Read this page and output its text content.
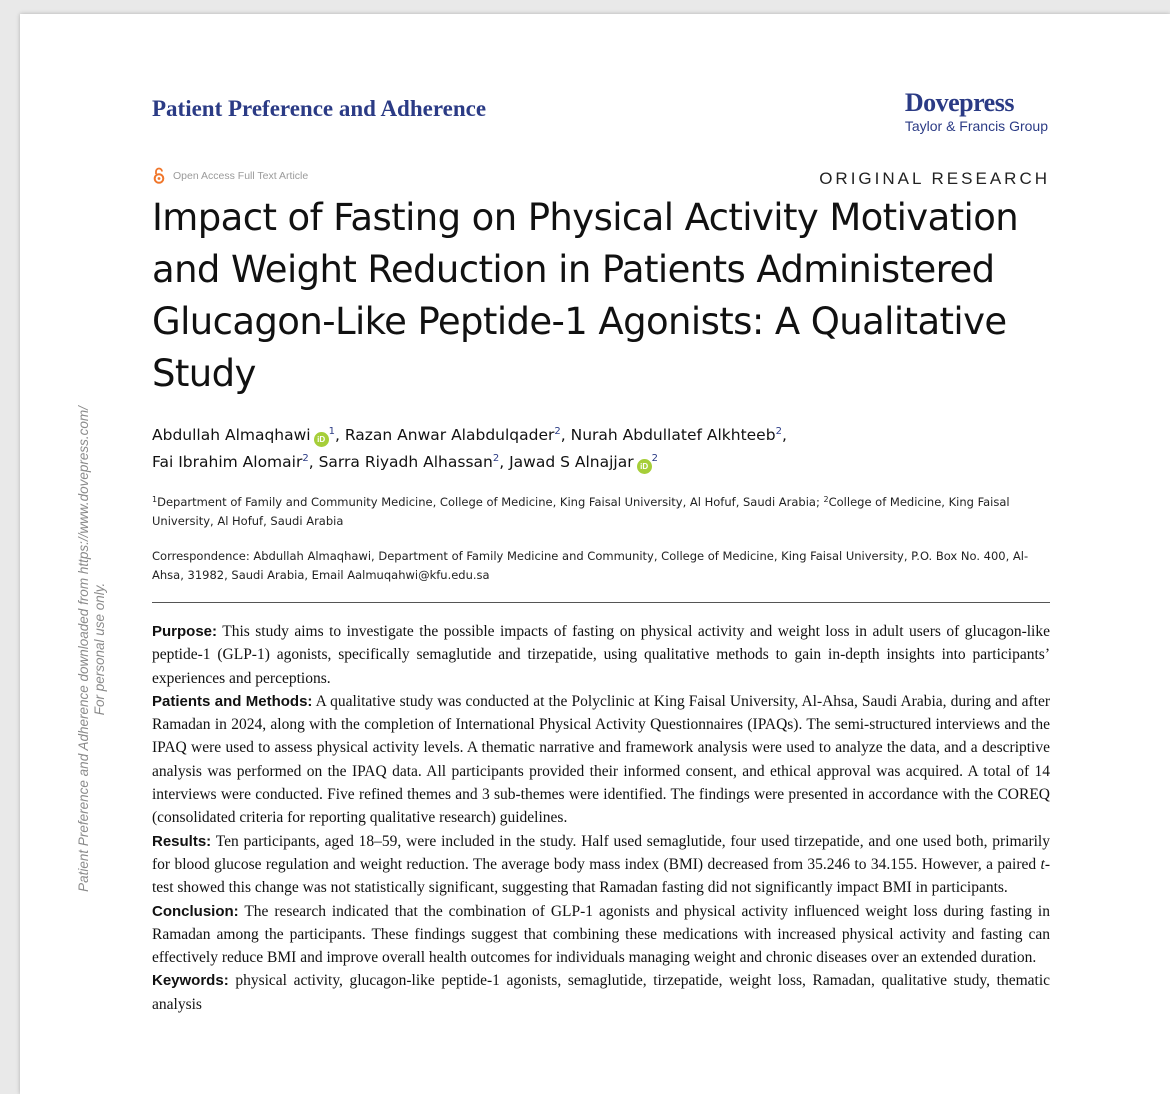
Patient Preference and Adherence downloaded from https://www.dovepress.com/ For personal use only.
Patient Preference and Adherence	Dovepress
Taylor & Francis Group
Open Access Full Text Article	ORIGINAL RESEARCH
Impact of Fasting on Physical Activity Motivation and Weight Reduction in Patients Administered Glucagon-Like Peptide-1 Agonists: A Qualitative Study
Abdullah Almaqhawi $iD^1$, Razan Anwar Alabdulqader$^2$, Nurah Abdullatef Alkhteeb$^2$,
Fai Ibrahim Alomair$^2$, Sarra Riyadh Alhassan$^2$, Jawad S Alnajjar $iD^2$

$^1$Department of Family and Community Medicine, College of Medicine, King Faisal University, Al Hofuf, Saudi Arabia; $^2$College of Medicine, King Faisal University, Al Hofuf, Saudi Arabia

Correspondence: Abdullah Almaqhawi, Department of Family Medicine and Community, College of Medicine, King Faisal University, P.O. Box No. 400, Al-Ahsa, 31982, Saudi Arabia, Email Aalmuqahwi@kfu.edu.sa

Purpose: This study aims to investigate the possible impacts of fasting on physical activity and weight loss in adult users of glucagon-like peptide-1 (GLP-1) agonists, specifically semaglutide and tirzepatide, using qualitative methods to gain in-depth insights into participants’ experiences and perceptions.

Patients and Methods: A qualitative study was conducted at the Polyclinic at King Faisal University, Al-Ahsa, Saudi Arabia, during and after Ramadan in 2024, along with the completion of International Physical Activity Questionnaires (IPAQs). The semi-structured interviews and the IPAQ were used to assess physical activity levels. A thematic narrative and framework analysis were used to analyze the data, and a descriptive analysis was performed on the IPAQ data. All participants provided their informed consent, and ethical approval was acquired. A total of 14 interviews were conducted. Five refined themes and 3 sub-themes were identified. The findings were presented in accordance with the COREQ (consolidated criteria for reporting qualitative research) guidelines.

Results: Ten participants, aged 18–59, were included in the study. Half used semaglutide, four used tirzepatide, and one used both, primarily for blood glucose regulation and weight reduction. The average body mass index (BMI) decreased from 35.246 to 34.155. However, a paired t-test showed this change was not statistically significant, suggesting that Ramadan fasting did not significantly impact BMI in participants.

Conclusion: The research indicated that the combination of GLP-1 agonists and physical activity influenced weight loss during fasting in Ramadan among the participants. These findings suggest that combining these medications with increased physical activity and fasting can effectively reduce BMI and improve overall health outcomes for individuals managing weight and chronic diseases over an extended duration.

Keywords: physical activity, glucagon-like peptide-1 agonists, semaglutide, tirzepatide, weight loss, Ramadan, qualitative study, thematic analysis
